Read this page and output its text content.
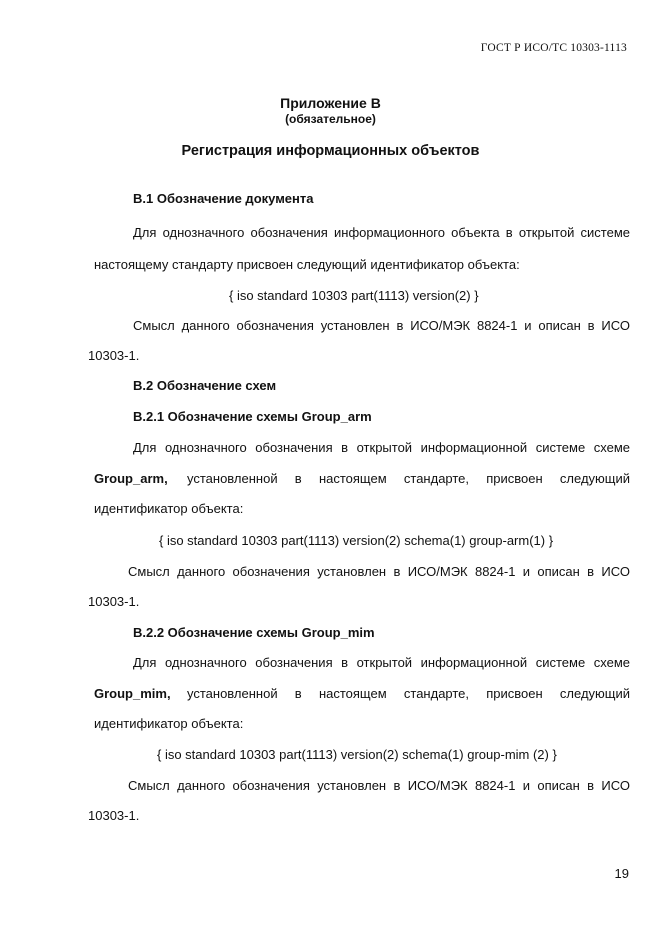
ГОСТ Р ИСО/ТС 10303-1113
Приложение В
(обязательное)
Регистрация информационных объектов
B.1 Обозначение документа
Для однозначного обозначения информационного объекта в открытой системе
настоящему стандарту присвоен следующий идентификатор объекта:
{ iso standard 10303 part(1113) version(2) }
Смысл данного обозначения установлен в ИСО/МЭК 8824-1 и описан в ИСО
10303-1.
B.2 Обозначение схем
B.2.1 Обозначение схемы Group_arm
Для однозначного обозначения в открытой информационной системе схеме
Group_arm, установленной в настоящем стандарте, присвоен следующий
идентификатор объекта:
{ iso standard 10303 part(1113) version(2) schema(1) group-arm(1) }
Смысл данного обозначения установлен в ИСО/МЭК 8824-1 и описан в ИСО
10303-1.
B.2.2 Обозначение схемы Group_mim
Для однозначного обозначения в открытой информационной системе схеме
Group_mim, установленной в настоящем стандарте, присвоен следующий
идентификатор объекта:
{ iso standard 10303 part(1113) version(2) schema(1) group-mim (2) }
Смысл данного обозначения установлен в ИСО/МЭК 8824-1 и описан в ИСО
10303-1.
19
